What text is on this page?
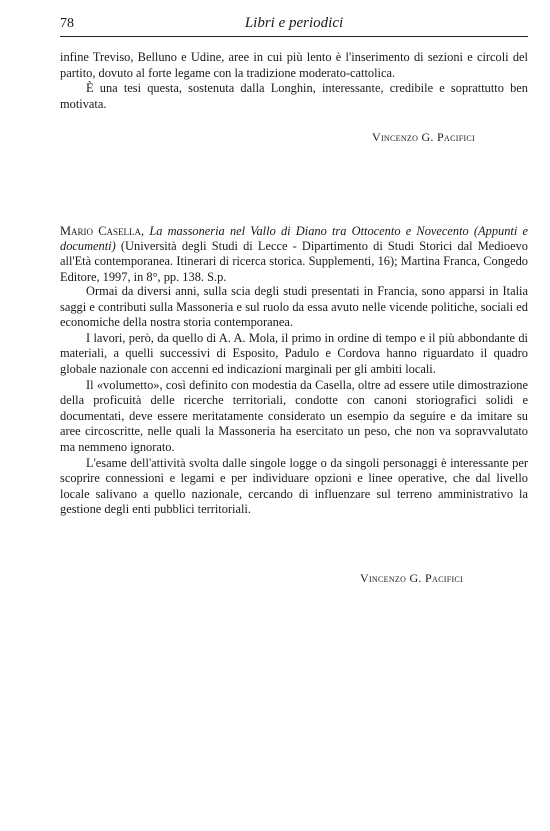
78	Libri e periodici

infine Treviso, Belluno e Udine, aree in cui più lento è l'inserimento di sezioni e circoli del partito, dovuto al forte legame con la tradizione moderato-cattolica.

È una tesi questa, sostenuta dalla Longhin, interessante, credibile e soprattutto ben motivata.

Vincenzo G. Pacifici
Mario Casella, La massoneria nel Vallo di Diano tra Ottocento e Novecento (Appunti e documenti) (Università degli Studi di Lecce - Dipartimento di Studi Storici dal Medioevo all'Età contemporanea. Itinerari di ricerca storica. Supplementi, 16); Martina Franca, Congedo Editore, 1997, in 8°, pp. 138. S.p.

Ormai da diversi anni, sulla scia degli studi presentati in Francia, sono apparsi in Italia saggi e contributi sulla Massoneria e sul ruolo da essa avuto nelle vicende politiche, sociali ed economiche della nostra storia contemporanea.

I lavori, però, da quello di A. A. Mola, il primo in ordine di tempo e il più abbondante di materiali, a quelli successivi di Esposito, Padulo e Cordova hanno riguardato il quadro globale nazionale con accenni ed indicazioni marginali per gli ambiti locali.

Il «volumetto», così definito con modestia da Casella, oltre ad essere utile dimostrazione della proficuità delle ricerche territoriali, condotte con canoni storiografici solidi e documentati, deve essere meritatamente considerato un esempio da seguire e da imitare su aree circoscritte, nelle quali la Massoneria ha esercitato un peso, che non va sopravvalutato ma nemmeno ignorato.

L'esame dell'attività svolta dalle singole logge o da singoli personaggi è interessante per scoprire connessioni e legami e per individuare opzioni e linee operative, che dal livello locale salivano a quello nazionale, cercando di influenzare sul terreno amministrativo la gestione degli enti pubblici territoriali.

Vincenzo G. Pacifici
